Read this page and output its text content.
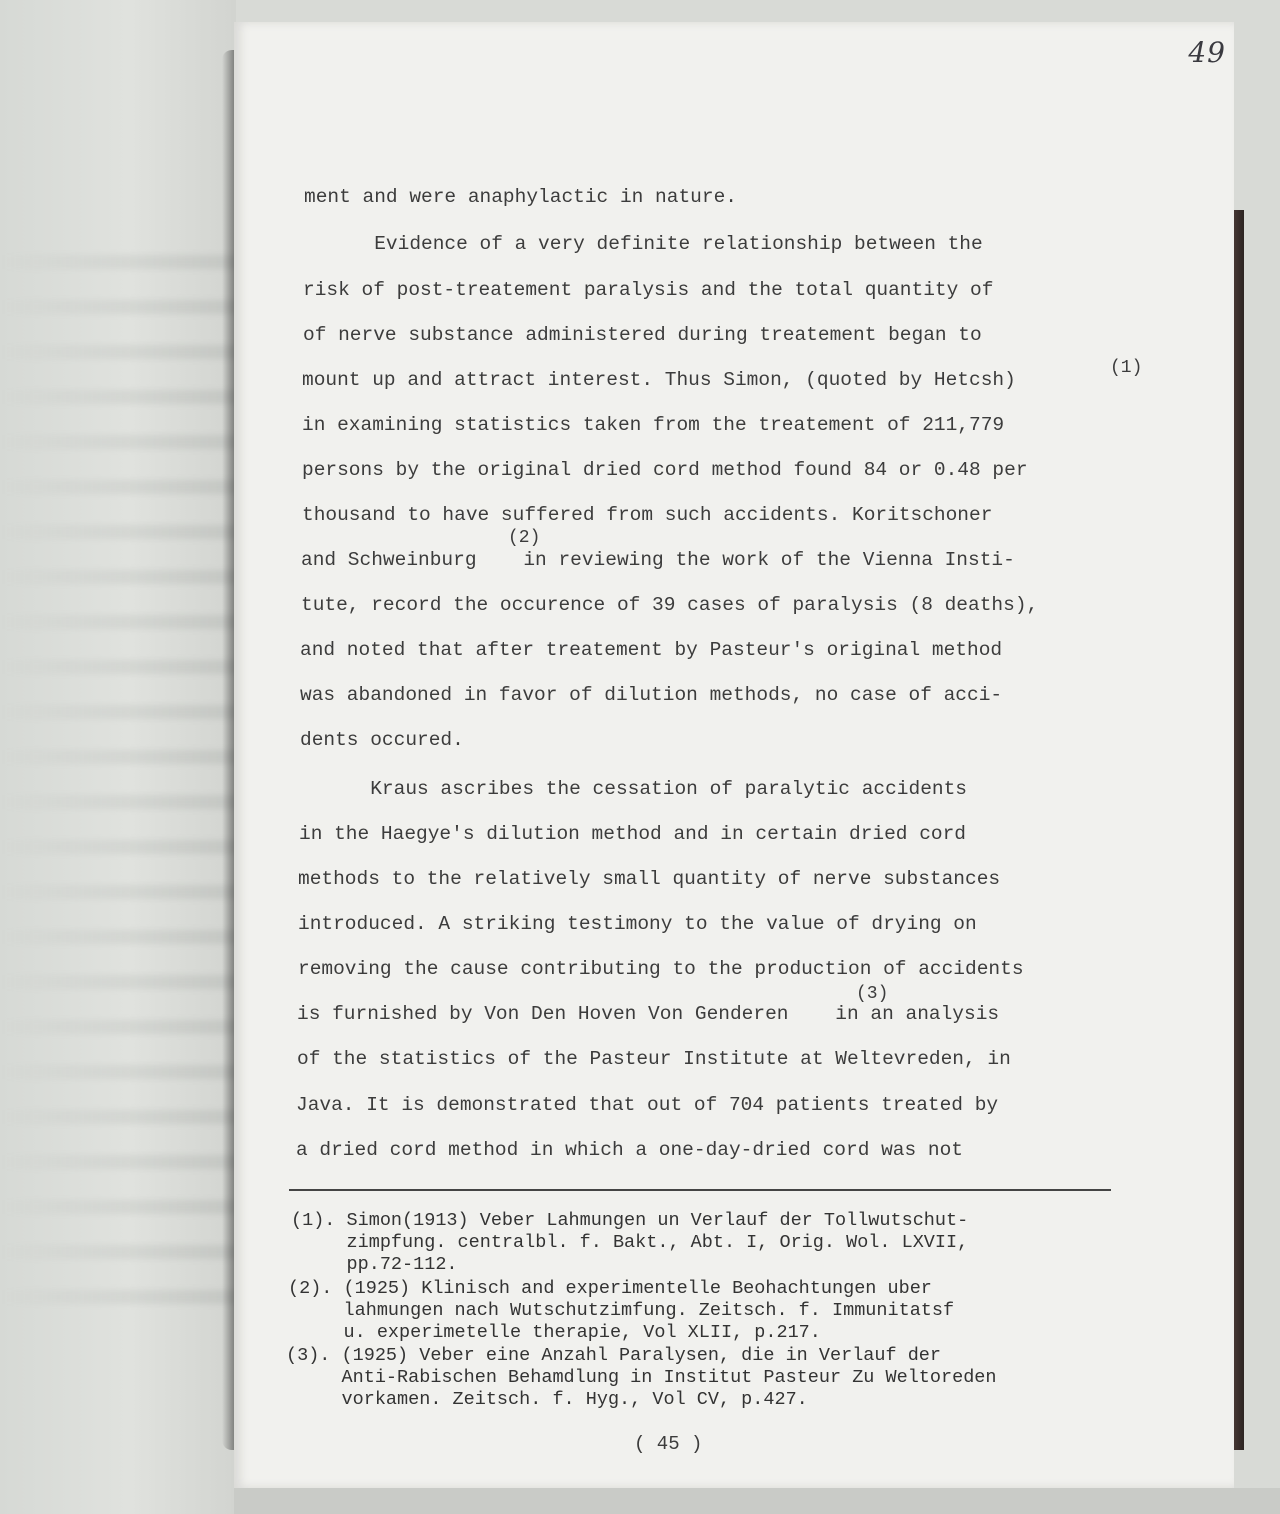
49
ment and were anaphylactic in nature.
Evidence of a very definite relationship between the
risk of post-treatement paralysis and the total quantity of
of nerve substance administered during treatement began to
mount up and attract interest. Thus Simon, (quoted by Hetcsh)
in examining statistics taken from the treatement of 211,779
persons by the original dried cord method found 84 or 0.48 per
thousand to have suffered from such accidents. Koritschoner
and Schweinburg    in reviewing the work of the Vienna Insti-
tute, record the occurence of 39 cases of paralysis (8 deaths),
and noted that after treatement by Pasteur's original method
was abandoned in favor of dilution methods, no case of acci-
dents occured.
Kraus ascribes the cessation of paralytic accidents
in the Haegye's dilution method and in certain dried cord
methods to the relatively small quantity of nerve substances
introduced. A striking testimony to the value of drying on
removing the cause contributing to the production of accidents
is furnished by Von Den Hoven Von Genderen    in an analysis
of the statistics of the Pasteur Institute at Weltevreden, in
Java. It is demonstrated that out of 704 patients treated by
a dried cord method in which a one-day-dried cord was not
(1)
(2)
(3)
(1). Simon(1913) Veber Lahmungen un Verlauf der Tollwutschut-
zimpfung. centralbl. f. Bakt., Abt. I, Orig. Wol. LXVII,
pp.72-112.
(2). (1925) Klinisch and experimentelle Beohachtungen uber
lahmungen nach Wutschutzimfung. Zeitsch. f. Immunitatsf
u. experimetelle therapie, Vol XLII, p.217.
(3). (1925) Veber eine Anzahl Paralysen, die in Verlauf der
Anti-Rabischen Behamdlung in Institut Pasteur Zu Weltoreden
vorkamen. Zeitsch. f. Hyg., Vol CV, p.427.
( 45 )
